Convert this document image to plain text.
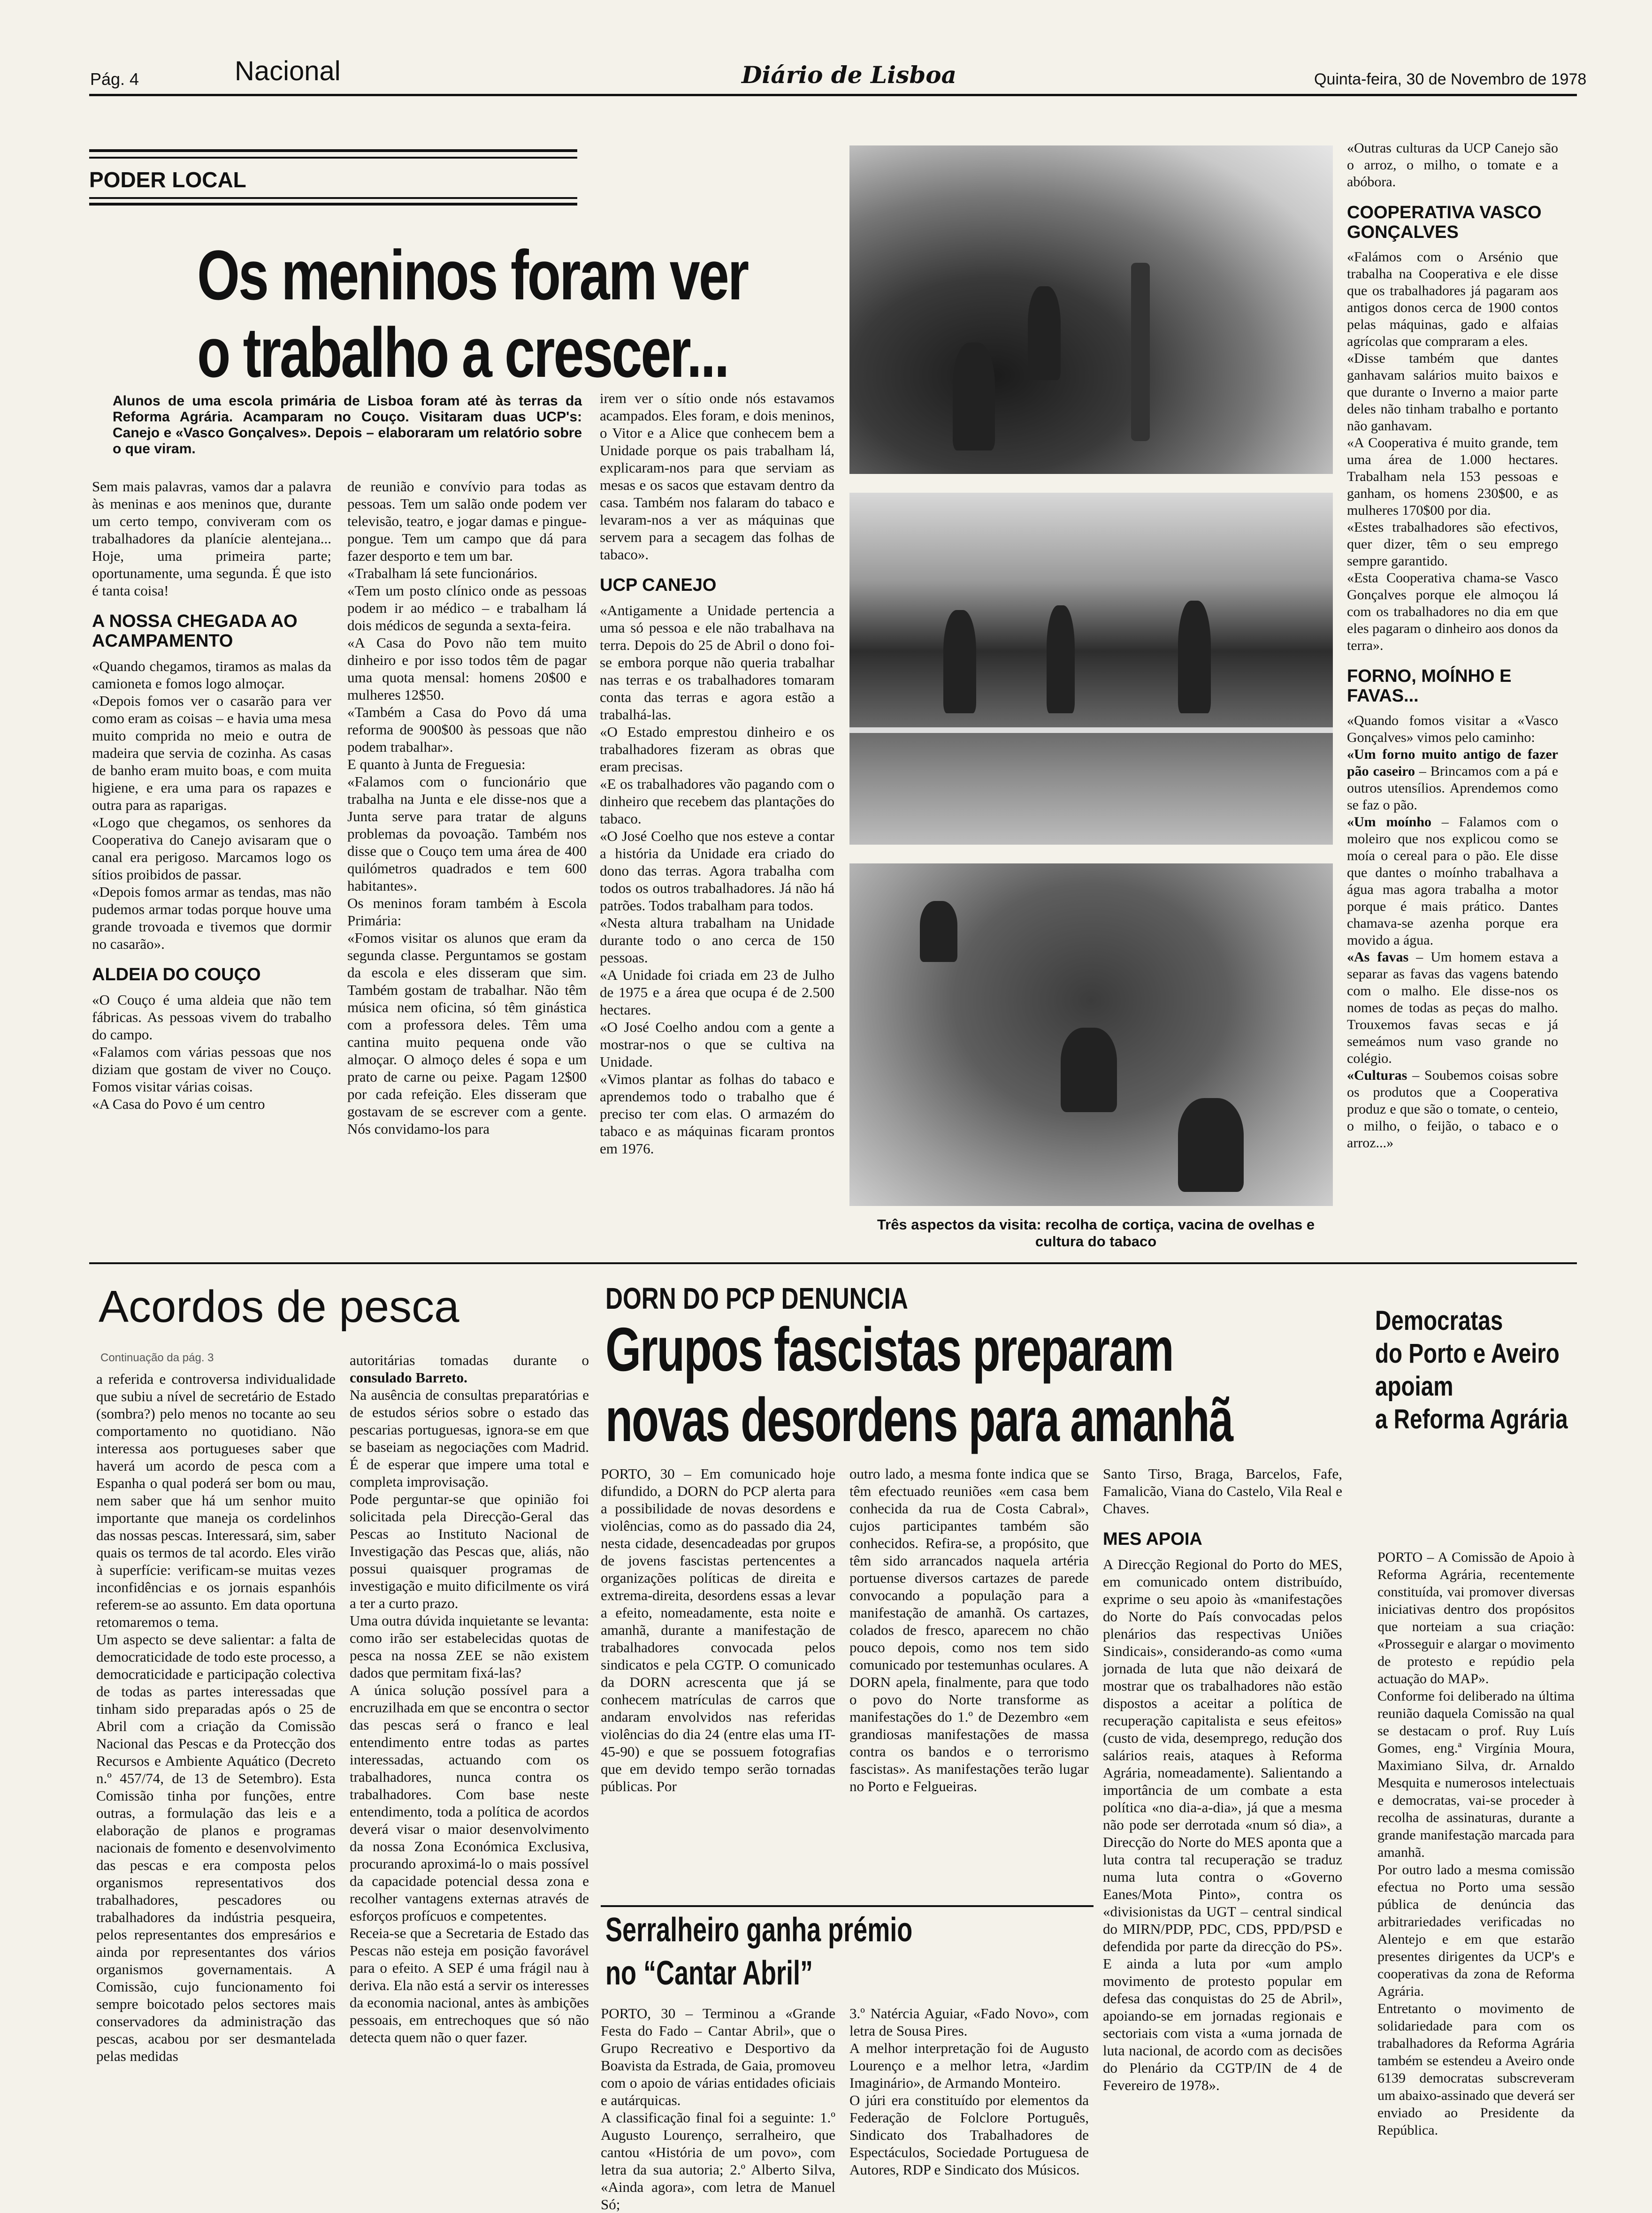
Pág. 4	Nacional	Diário de Lisboa	Quinta-feira, 30 de Novembro de 1978
PODER LOCAL
Os meninos foram ver
o trabalho a crescer...
Alunos de uma escola primária de Lisboa foram até às terras da Reforma Agrária. Acamparam no Couço. Visitaram duas UCP's: Canejo e «Vasco Gonçalves». Depois – elaboraram um relatório sobre o que viram.

Sem mais palavras, vamos dar a palavra às meninas e aos meninos que, durante um certo tempo, conviveram com os trabalhadores da planície alentejana... Hoje, uma primeira parte; oportunamente, uma segunda. É que isto é tanta coisa!

A NOSSA CHEGADA AO ACAMPAMENTO

«Quando chegamos, tiramos as malas da camioneta e fomos logo almoçar.

«Depois fomos ver o casarão para ver como eram as coisas – e havia uma mesa muito comprida no meio e outra de madeira que servia de cozinha. As casas de banho eram muito boas, e com muita higiene, e era uma para os rapazes e outra para as raparigas.

«Logo que chegamos, os senhores da Cooperativa do Canejo avisaram que o canal era perigoso. Marcamos logo os sítios proibidos de passar.

«Depois fomos armar as tendas, mas não pudemos armar todas porque houve uma grande trovoada e tivemos que dormir no casarão».

ALDEIA DO COUÇO

«O Couço é uma aldeia que não tem fábricas. As pessoas vivem do trabalho do campo.

«Falamos com várias pessoas que nos diziam que gostam de viver no Couço. Fomos visitar várias coisas.

«A Casa do Povo é um centro

de reunião e convívio para todas as pessoas. Tem um salão onde podem ver televisão, teatro, e jogar damas e pingue-pongue. Tem um campo que dá para fazer desporto e tem um bar.

«Trabalham lá sete funcionários.

«Tem um posto clínico onde as pessoas podem ir ao médico – e trabalham lá dois médicos de segunda a sexta-feira.

«A Casa do Povo não tem muito dinheiro e por isso todos têm de pagar uma quota mensal: homens 20$00 e mulheres 12$50.

«Também a Casa do Povo dá uma reforma de 900$00 às pessoas que não podem trabalhar».

E quanto à Junta de Freguesia:

«Falamos com o funcionário que trabalha na Junta e ele disse-nos que a Junta serve para tratar de alguns problemas da povoação. Também nos disse que o Couço tem uma área de 400 quilómetros quadrados e tem 600 habitantes».

Os meninos foram também à Escola Primária:

«Fomos visitar os alunos que eram da segunda classe. Perguntamos se gostam da escola e eles disseram que sim. Também gostam de trabalhar. Não têm música nem oficina, só têm ginástica com a professora deles. Têm uma cantina muito pequena onde vão almoçar. O almoço deles é sopa e um prato de carne ou peixe. Pagam 12$00 por cada refeição. Eles disseram que gostavam de se escrever com a gente. Nós convidamo-los para

irem ver o sítio onde nós estavamos acampados. Eles foram, e dois meninos, o Vitor e a Alice que conhecem bem a Unidade porque os pais trabalham lá, explicaram-nos para que serviam as mesas e os sacos que estavam dentro da casa. Também nos falaram do tabaco e levaram-nos a ver as máquinas que servem para a secagem das folhas de tabaco».

UCP CANEJO

«Antigamente a Unidade pertencia a uma só pessoa e ele não trabalhava na terra. Depois do 25 de Abril o dono foi-se embora porque não queria trabalhar nas terras e os trabalhadores tomaram conta das terras e agora estão a trabalhá-las.

«O Estado emprestou dinheiro e os trabalhadores fizeram as obras que eram precisas.

«E os trabalhadores vão pagando com o dinheiro que recebem das plantações do tabaco.

«O José Coelho que nos esteve a contar a história da Unidade era criado do dono das terras. Agora trabalha com todos os outros trabalhadores. Já não há patrões. Todos trabalham para todos.

«Nesta altura trabalham na Unidade durante todo o ano cerca de 150 pessoas.

«A Unidade foi criada em 23 de Julho de 1975 e a área que ocupa é de 2.500 hectares.

«O José Coelho andou com a gente a mostrar-nos o que se cultiva na Unidade.

«Vimos plantar as folhas do tabaco e aprendemos todo o trabalho que é preciso ter com elas. O armazém do tabaco e as máquinas ficaram prontos em 1976.

Três aspectos da visita: recolha de cortiça, vacina de ovelhas e cultura do tabaco

«Outras culturas da UCP Canejo são o arroz, o milho, o tomate e a abóbora.

COOPERATIVA VASCO GONÇALVES

«Falámos com o Arsénio que trabalha na Cooperativa e ele disse que os trabalhadores já pagaram aos antigos donos cerca de 1900 contos pelas máquinas, gado e alfaias agrícolas que compraram a eles.

«Disse também que dantes ganhavam salários muito baixos e que durante o Inverno a maior parte deles não tinham trabalho e portanto não ganhavam.

«A Cooperativa é muito grande, tem uma área de 1.000 hectares. Trabalham nela 153 pessoas e ganham, os homens 230$00, e as mulheres 170$00 por dia.

«Estes trabalhadores são efectivos, quer dizer, têm o seu emprego sempre garantido.

«Esta Cooperativa chama-se Vasco Gonçalves porque ele almoçou lá com os trabalhadores no dia em que eles pagaram o dinheiro aos donos da terra».

FORNO, MOÍNHO E FAVAS...

«Quando fomos visitar a «Vasco Gonçalves» vimos pelo caminho:

«Um forno muito antigo de fazer pão caseiro – Brincamos com a pá e outros utensílios. Aprendemos como se faz o pão.

«Um moínho – Falamos com o moleiro que nos explicou como se moía o cereal para o pão. Ele disse que dantes o moínho trabalhava a água mas agora trabalha a motor porque é mais prático. Dantes chamava-se azenha porque era movido a água.

«As favas – Um homem estava a separar as favas das vagens batendo com o malho. Ele disse-nos os nomes de todas as peças do malho. Trouxemos favas secas e já semeámos num vaso grande no colégio.

«Culturas – Soubemos coisas sobre os produtos que a Cooperativa produz e que são o tomate, o centeio, o milho, o feijão, o tabaco e o arroz...»

Acordos de pesca
Continuação da pág. 3

a referida e controversa individualidade que subiu a nível de secretário de Estado (sombra?) pelo menos no tocante ao seu comportamento no quotidiano. Não interessa aos portugueses saber que haverá um acordo de pesca com a Espanha o qual poderá ser bom ou mau, nem saber que há um senhor muito importante que maneja os cordelinhos das nossas pescas. Interessará, sim, saber quais os termos de tal acordo. Eles virão à superfície: verificam-se muitas vezes inconfidências e os jornais espanhóis referem-se ao assunto. Em data oportuna retomaremos o tema.

Um aspecto se deve salientar: a falta de democraticidade de todo este processo, a democraticidade e participação colectiva de todas as partes interessadas que tinham sido preparadas após o 25 de Abril com a criação da Comissão Nacional das Pescas e da Protecção dos Recursos e Ambiente Aquático (Decreto n.º 457/74, de 13 de Setembro). Esta Comissão tinha por funções, entre outras, a formulação das leis e a elaboração de planos e programas nacionais de fomento e desenvolvimento das pescas e era composta pelos organismos representativos dos trabalhadores, pescadores ou trabalhadores da indústria pesqueira, pelos representantes dos empresários e ainda por representantes dos vários organismos governamentais. A Comissão, cujo funcionamento foi sempre boicotado pelos sectores mais conservadores da administração das pescas, acabou por ser desmantelada pelas medidas

autoritárias tomadas durante o consulado Barreto.

Na ausência de consultas preparatórias e de estudos sérios sobre o estado das pescarias portuguesas, ignora-se em que se baseiam as negociações com Madrid. É de esperar que impere uma total e completa improvisação.

Pode perguntar-se que opinião foi solicitada pela Direcção-Geral das Pescas ao Instituto Nacional de Investigação das Pescas que, aliás, não possui quaisquer programas de investigação e muito dificilmente os virá a ter a curto prazo.

Uma outra dúvida inquietante se levanta: como irão ser estabelecidas quotas de pesca na nossa ZEE se não existem dados que permitam fixá-las?

A única solução possível para a encruzilhada em que se encontra o sector das pescas será o franco e leal entendimento entre todas as partes interessadas, actuando com os trabalhadores, nunca contra os trabalhadores. Com base neste entendimento, toda a política de acordos deverá visar o maior desenvolvimento da nossa Zona Económica Exclusiva, procurando aproximá-lo o mais possível da capacidade potencial dessa zona e recolher vantagens externas através de esforços profícuos e competentes.

Receia-se que a Secretaria de Estado das Pescas não esteja em posição favorável para o efeito. A SEP é uma frágil nau à deriva. Ela não está a servir os interesses da economia nacional, antes às ambições pessoais, em entrechoques que só não detecta quem não o quer fazer.

DORN DO PCP DENUNCIA
Grupos fascistas preparam
novas desordens para amanhã

PORTO, 30 – Em comunicado hoje difundido, a DORN do PCP alerta para a possibilidade de novas desordens e violências, como as do passado dia 24, nesta cidade, desencadeadas por grupos de jovens fascistas pertencentes a organizações políticas de direita e extrema-direita, desordens essas a levar a efeito, nomeadamente, esta noite e amanhã, durante a manifestação de trabalhadores convocada pelos sindicatos e pela CGTP. O comunicado da DORN acrescenta que já se conhecem matrículas de carros que andaram envolvidos nas referidas violências do dia 24 (entre elas uma IT-45-90) e que se possuem fotografias que em devido tempo serão tornadas públicas. Por

outro lado, a mesma fonte indica que se têm efectuado reuniões «em casa bem conhecida da rua de Costa Cabral», cujos participantes também são conhecidos. Refira-se, a propósito, que têm sido arrancados naquela artéria portuense diversos cartazes de parede convocando a população para a manifestação de amanhã. Os cartazes, colados de fresco, aparecem no chão pouco depois, como nos tem sido comunicado por testemunhas oculares. A DORN apela, finalmente, para que todo o povo do Norte transforme as manifestações do 1.º de Dezembro «em grandiosas manifestações de massa contra os bandos e o terrorismo fascistas». As manifestações terão lugar no Porto e Felgueiras.

Santo Tirso, Braga, Barcelos, Fafe, Famalicão, Viana do Castelo, Vila Real e Chaves.

MES APOIA

A Direcção Regional do Porto do MES, em comunicado ontem distribuído, exprime o seu apoio às «manifestações do Norte do País convocadas pelos plenários das respectivas Uniões Sindicais», considerando-as como «uma jornada de luta que não deixará de mostrar que os trabalhadores não estão dispostos a aceitar a política de recuperação capitalista e seus efeitos» (custo de vida, desemprego, redução dos salários reais, ataques à Reforma Agrária, nomeadamente). Salientando a importância de um combate a esta política «no dia-a-dia», já que a mesma não pode ser derrotada «num só dia», a Direcção do Norte do MES aponta que a luta contra tal recuperação se traduz numa luta contra o «Governo Eanes/Mota Pinto», contra os «divisionistas da UGT – central sindical do MIRN/PDP, PDC, CDS, PPD/PSD e defendida por parte da direcção do PS». E ainda a luta por «um amplo movimento de protesto popular em defesa das conquistas do 25 de Abril», apoiando-se em jornadas regionais e sectoriais com vista a «uma jornada de luta nacional, de acordo com as decisões do Plenário da CGTP/IN de 4 de Fevereiro de 1978».

Serralheiro ganha prémio
no “Cantar Abril”

PORTO, 30 – Terminou a «Grande Festa do Fado – Cantar Abril», que o Grupo Recreativo e Desportivo da Boavista da Estrada, de Gaia, promoveu com o apoio de várias entidades oficiais e autárquicas.

A classificação final foi a seguinte: 1.º Augusto Lourenço, serralheiro, que cantou «História de um povo», com letra da sua autoria; 2.º Alberto Silva, «Ainda agora», com letra de Manuel Só;

3.º Natércia Aguiar, «Fado Novo», com letra de Sousa Pires.

A melhor interpretação foi de Augusto Lourenço e a melhor letra, «Jardim Imaginário», de Armando Monteiro.

O júri era constituído por elementos da Federação de Folclore Português, Sindicato dos Trabalhadores de Espectáculos, Sociedade Portuguesa de Autores, RDP e Sindicato dos Músicos.

Democratas
do Porto e Aveiro
apoiam
a Reforma Agrária

PORTO – A Comissão de Apoio à Reforma Agrária, recentemente constituída, vai promover diversas iniciativas dentro dos propósitos que norteiam a sua criação: «Prosseguir e alargar o movimento de protesto e repúdio pela actuação do MAP».

Conforme foi deliberado na última reunião daquela Comissão na qual se destacam o prof. Ruy Luís Gomes, eng.ª Virgínia Moura, Maximiano Silva, dr. Arnaldo Mesquita e numerosos intelectuais e democratas, vai-se proceder à recolha de assinaturas, durante a grande manifestação marcada para amanhã.

Por outro lado a mesma comissão efectua no Porto uma sessão pública de denúncia das arbitrariedades verificadas no Alentejo e em que estarão presentes dirigentes da UCP's e cooperativas da zona de Reforma Agrária.

Entretanto o movimento de solidariedade para com os trabalhadores da Reforma Agrária também se estendeu a Aveiro onde 6139 democratas subscreveram um abaixo-assinado que deverá ser enviado ao Presidente da República.
